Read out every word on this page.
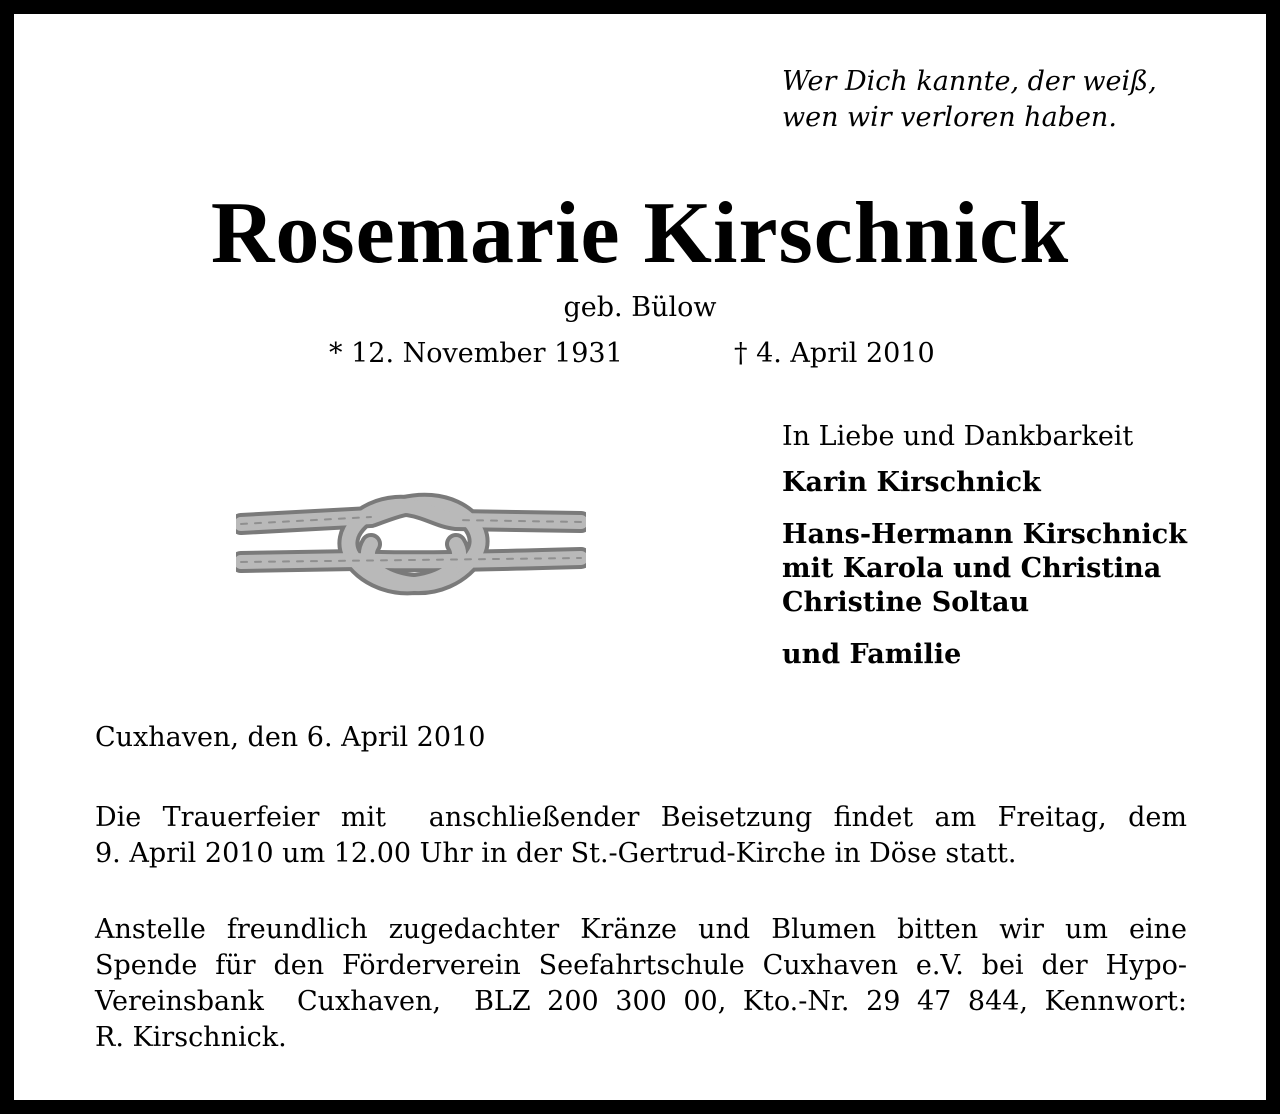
Wer Dich kannte, der weiß,
wen wir verloren haben.
Rosemarie Kirschnick
geb. Bülow
* 12. November 1931	† 4. April 2010
In Liebe und Dankbarkeit
Karin Kirschnick
Hans-Hermann Kirschnick
mit Karola und Christina
Christine Soltau
und Familie
Cuxhaven, den 6. April 2010
Die Trauerfeier mit  anschließender Beisetzung findet am Freitag, dem
9. April 2010 um 12.00 Uhr in der St.-Gertrud-Kirche in Döse statt.
Anstelle freundlich zugedachter Kränze und Blumen bitten wir um eine
Spende für den Förderverein Seefahrtschule Cuxhaven e.V. bei der Hypo-
Vereinsbank  Cuxhaven,  BLZ 200 300 00, Kto.-Nr. 29 47 844, Kennwort:
R. Kirschnick.
